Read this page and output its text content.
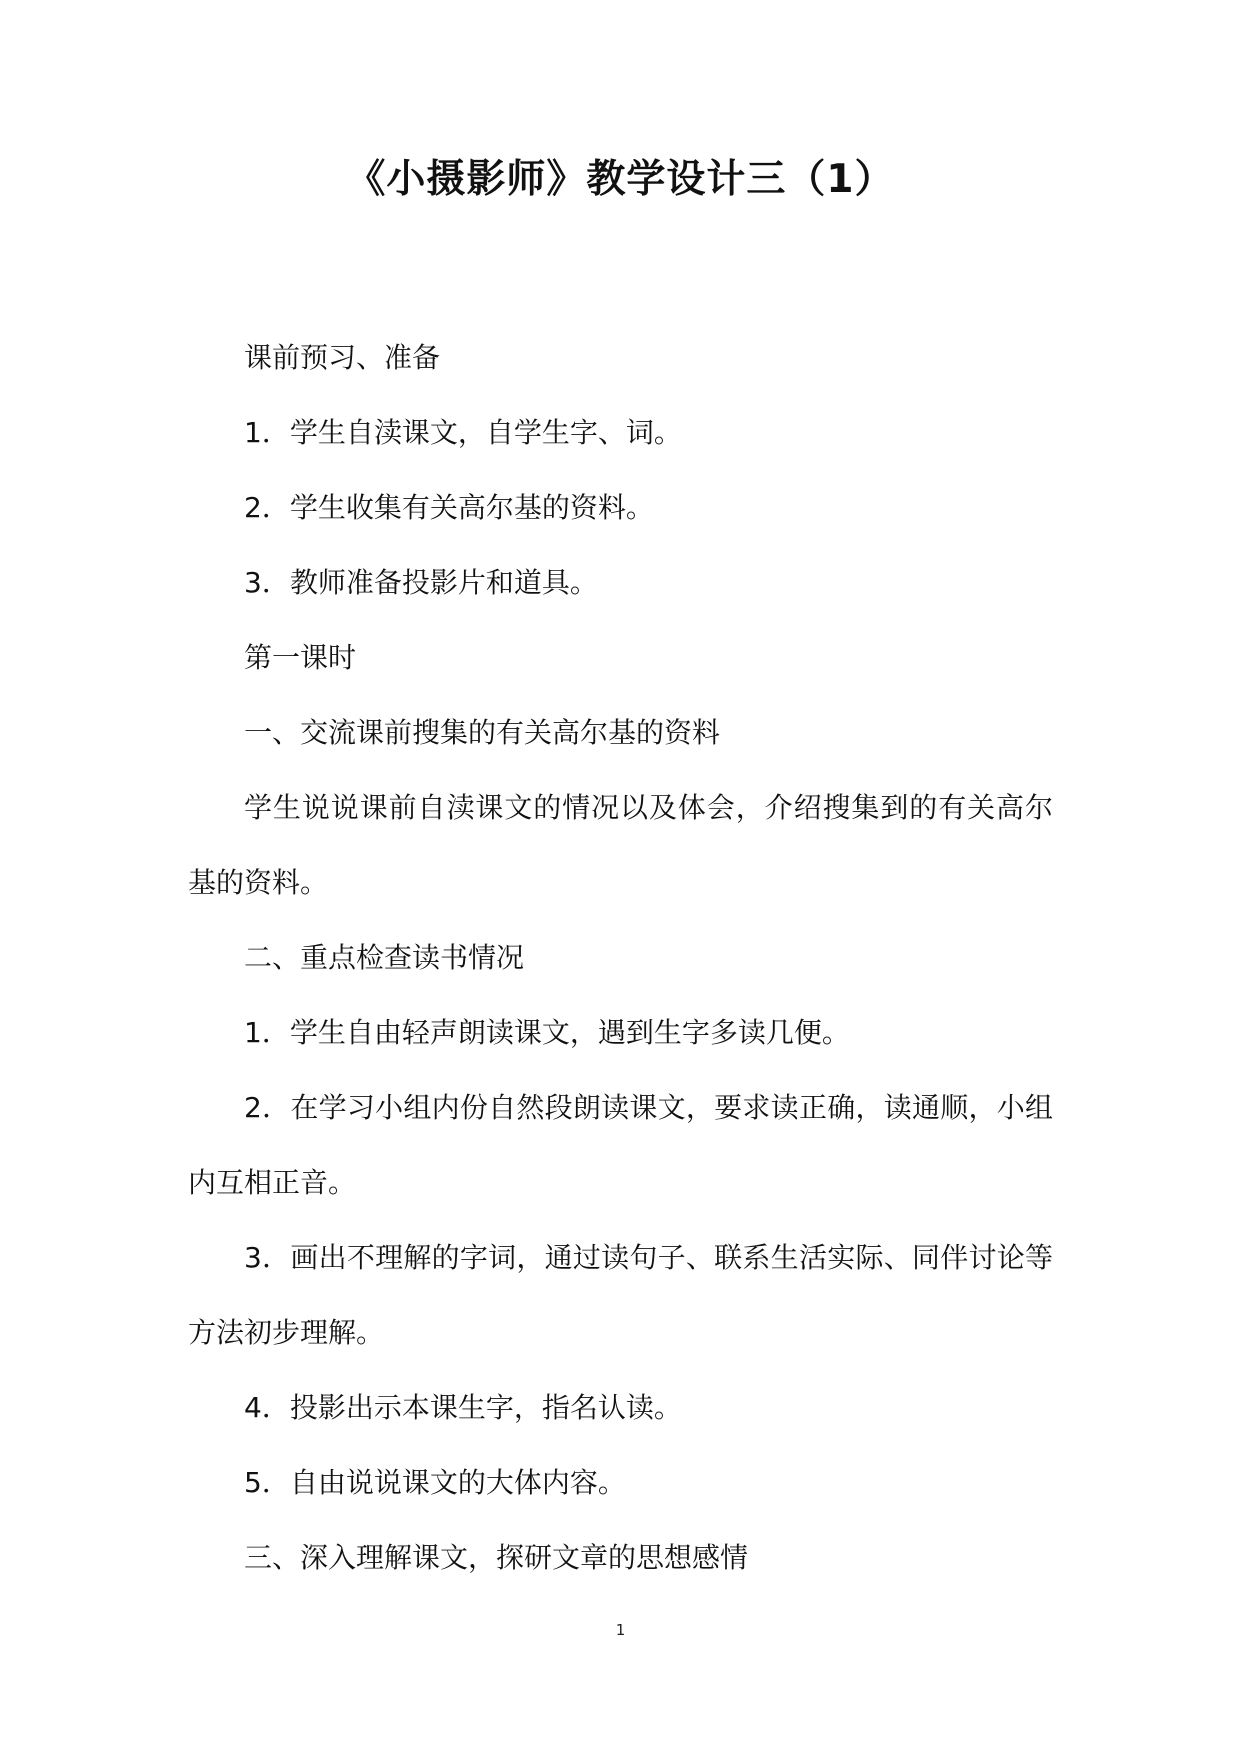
《小摄影师》教学设计三（1）

课前预习、准备

1．学生自渎课文，自学生字、词。

2．学生收集有关高尔基的资料。

3．教师准备投影片和道具。

第一课时

一、交流课前搜集的有关高尔基的资料

学生说说课前自渎课文的情况以及体会，介绍搜集到的有关高尔基的资料。

二、重点检查读书情况

1．学生自由轻声朗读课文，遇到生字多读几便。

2．在学习小组内份自然段朗读课文，要求读正确，读通顺，小组内互相正音。

3．画出不理解的字词，通过读句子、联系生活实际、同伴讨论等方法初步理解。

4．投影出示本课生字，指名认读。

5．自由说说课文的大体内容。

三、深入理解课文，探研文章的思想感情

1
